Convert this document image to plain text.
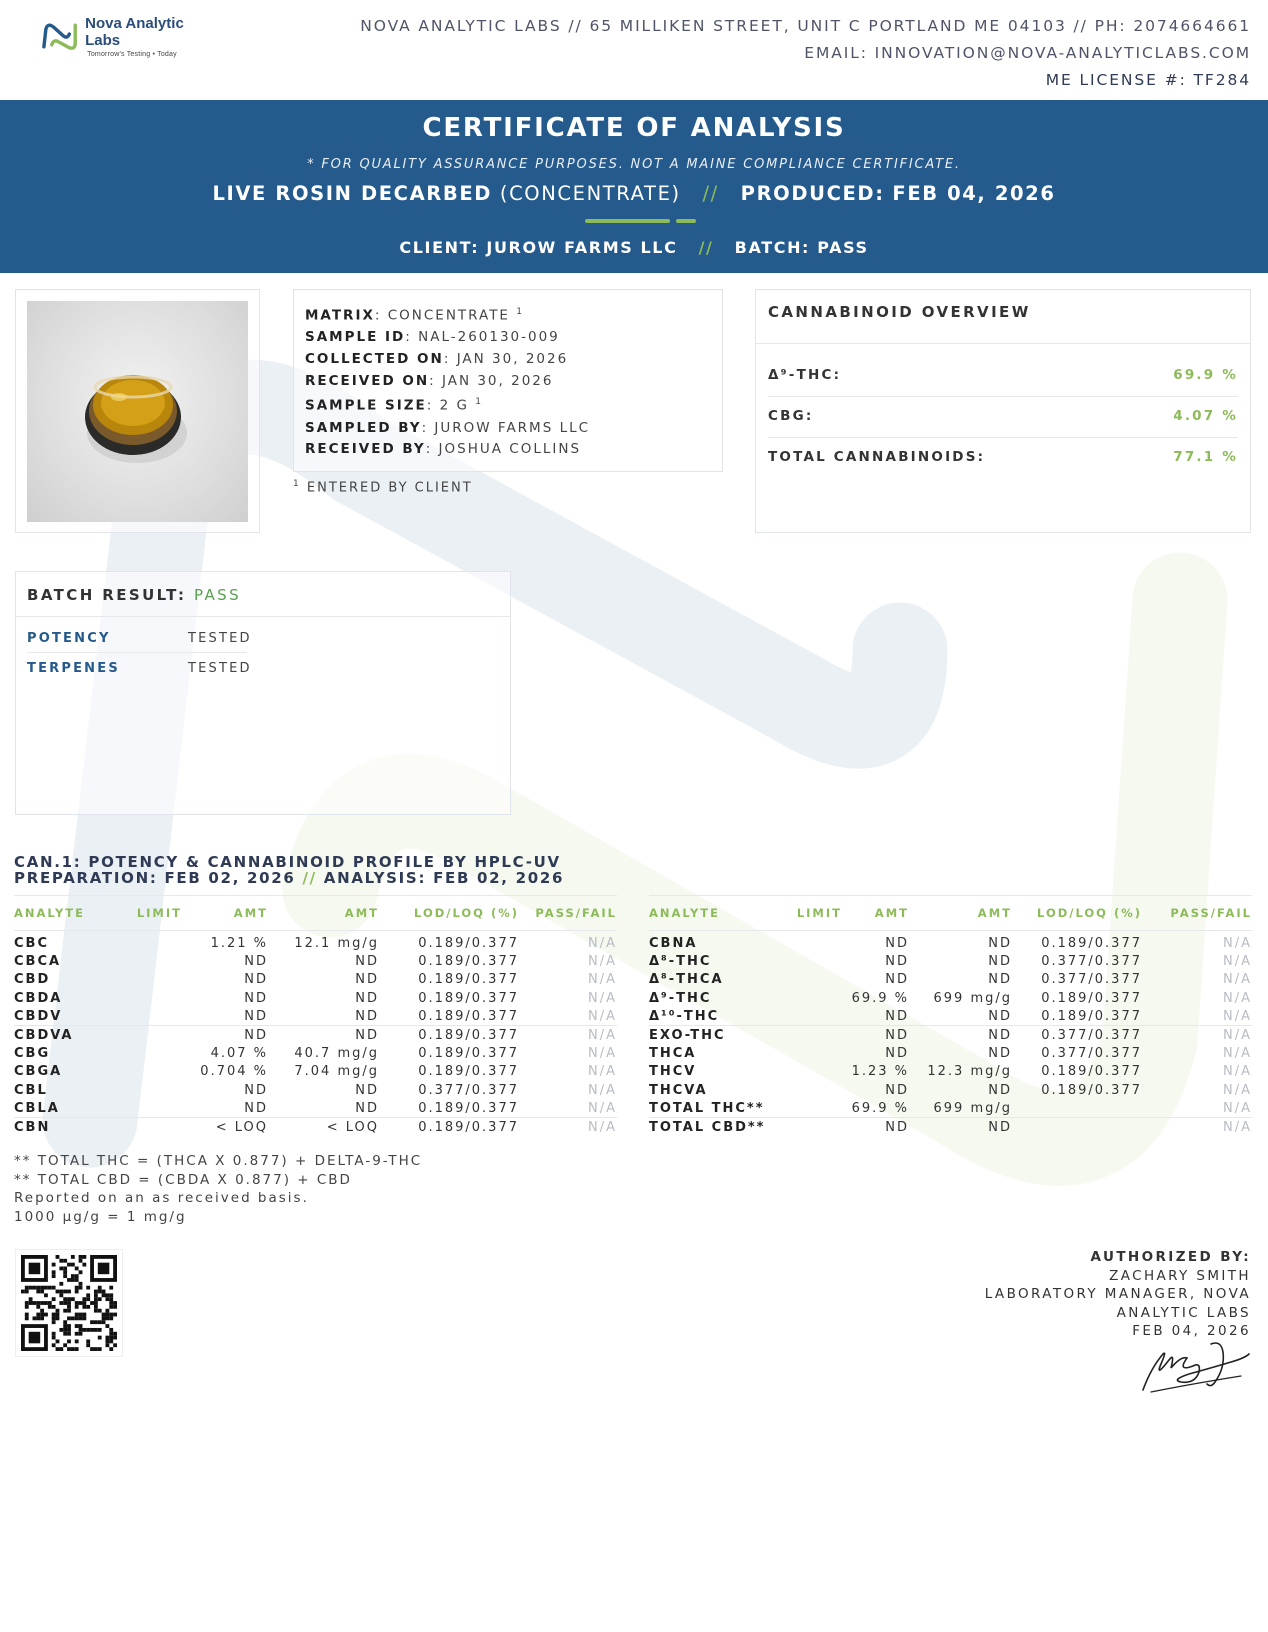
Nova Analytic Labs
Tomorrow's Testing • Today
NOVA ANALYTIC LABS // 65 MILLIKEN STREET, UNIT C PORTLAND ME 04103 // PH: 2074664661
EMAIL: INNOVATION@NOVA-ANALYTICLABS.COM
ME LICENSE #: TF284
CERTIFICATE OF ANALYSIS
* FOR QUALITY ASSURANCE PURPOSES. NOT A MAINE COMPLIANCE CERTIFICATE.
LIVE ROSIN DECARBED (CONCENTRATE) // PRODUCED: FEB 04, 2026
CLIENT: JUROW FARMS LLC // BATCH: PASS
MATRIX: CONCENTRATE $^1$
SAMPLE ID: NAL-260130-009
COLLECTED ON: JAN 30, 2026
RECEIVED ON: JAN 30, 2026
SAMPLE SIZE: 2 G $^1$
SAMPLED BY: JUROW FARMS LLC
RECEIVED BY: JOSHUA COLLINS
$^1$ ENTERED BY CLIENT
CANNABINOID OVERVIEW
Δ⁹-THC:	69.9 %
CBG:	4.07 %
TOTAL CANNABINOIDS:	77.1 %
BATCH RESULT: PASS
POTENCY	TESTED
TERPENES	TESTED
CAN.1: POTENCY & CANNABINOID PROFILE BY HPLC-UV
PREPARATION: FEB 02, 2026 // ANALYSIS: FEB 02, 2026
ANALYTE	LIMIT	AMT	AMT	LOD/LOQ (%)	PASS/FAIL
CBC		1.21 %	12.1 mg/g	0.189/0.377	N/A
CBCA		ND	ND	0.189/0.377	N/A
CBD		ND	ND	0.189/0.377	N/A
CBDA		ND	ND	0.189/0.377	N/A
CBDV		ND	ND	0.189/0.377	N/A
CBDVA		ND	ND	0.189/0.377	N/A
CBG		4.07 %	40.7 mg/g	0.189/0.377	N/A
CBGA		0.704 %	7.04 mg/g	0.189/0.377	N/A
CBL		ND	ND	0.377/0.377	N/A
CBLA		ND	ND	0.189/0.377	N/A
CBN		< LOQ	< LOQ	0.189/0.377	N/A
ANALYTE	LIMIT	AMT	AMT	LOD/LOQ (%)	PASS/FAIL
CBNA		ND	ND	0.189/0.377	N/A
Δ⁸-THC		ND	ND	0.377/0.377	N/A
Δ⁸-THCA		ND	ND	0.377/0.377	N/A
Δ⁹-THC		69.9 %	699 mg/g	0.189/0.377	N/A
Δ¹⁰-THC		ND	ND	0.189/0.377	N/A
EXO-THC		ND	ND	0.377/0.377	N/A
THCA		ND	ND	0.377/0.377	N/A
THCV		1.23 %	12.3 mg/g	0.189/0.377	N/A
THCVA		ND	ND	0.189/0.377	N/A
TOTAL THC**		69.9 %	699 mg/g		N/A
TOTAL CBD**		ND	ND		N/A
** TOTAL THC = (THCA X 0.877) + DELTA-9-THC
** TOTAL CBD = (CBDA X 0.877) + CBD
Reported on an as received basis.
1000 µg/g = 1 mg/g
AUTHORIZED BY:
ZACHARY SMITH
LABORATORY MANAGER, NOVA
ANALYTIC LABS
FEB 04, 2026
